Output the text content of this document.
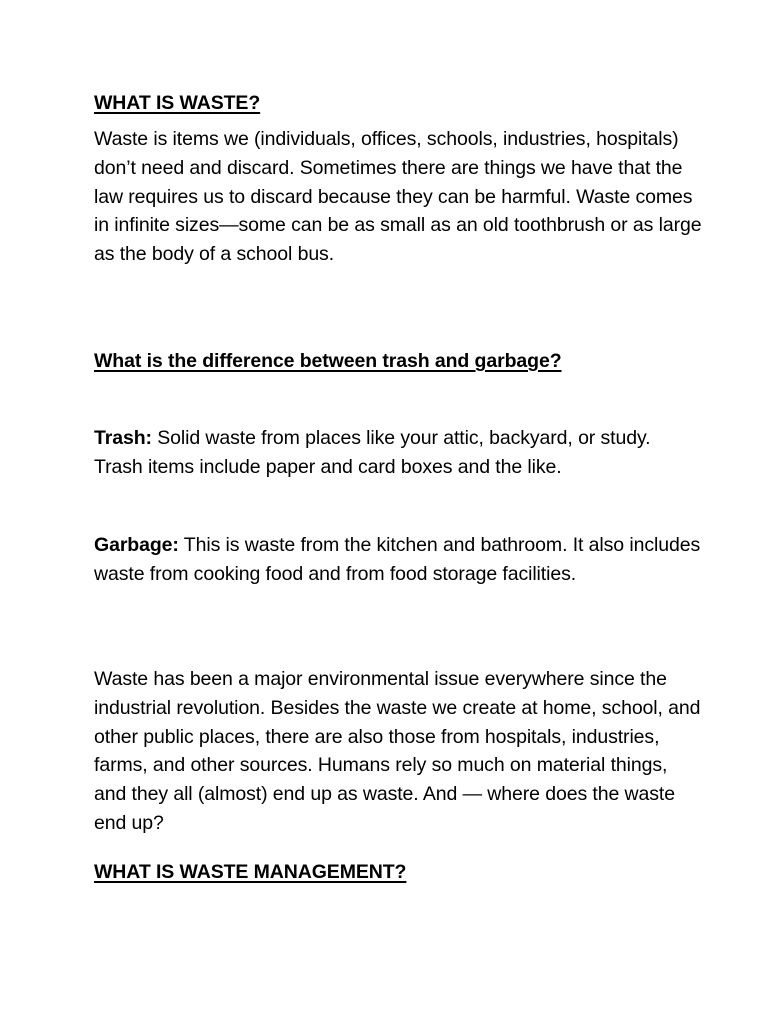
WHAT IS WASTE?

Waste is items we (individuals, offices, schools, industries, hospitals) don’t need and discard. Sometimes there are things we have that the law requires us to discard because they can be harmful. Waste comes in infinite sizes—some can be as small as an old toothbrush or as large as the body of a school bus.

What is the difference between trash and garbage?

Trash: Solid waste from places like your attic, backyard, or study. Trash items include paper and card boxes and the like.

Garbage: This is waste from the kitchen and bathroom. It also includes waste from cooking food and from food storage facilities.

Waste has been a major environmental issue everywhere since the industrial revolution. Besides the waste we create at home, school, and other public places, there are also those from hospitals, industries, farms, and other sources. Humans rely so much on material things, and they all (almost) end up as waste. And — where does the waste end up?

WHAT IS WASTE MANAGEMENT?
